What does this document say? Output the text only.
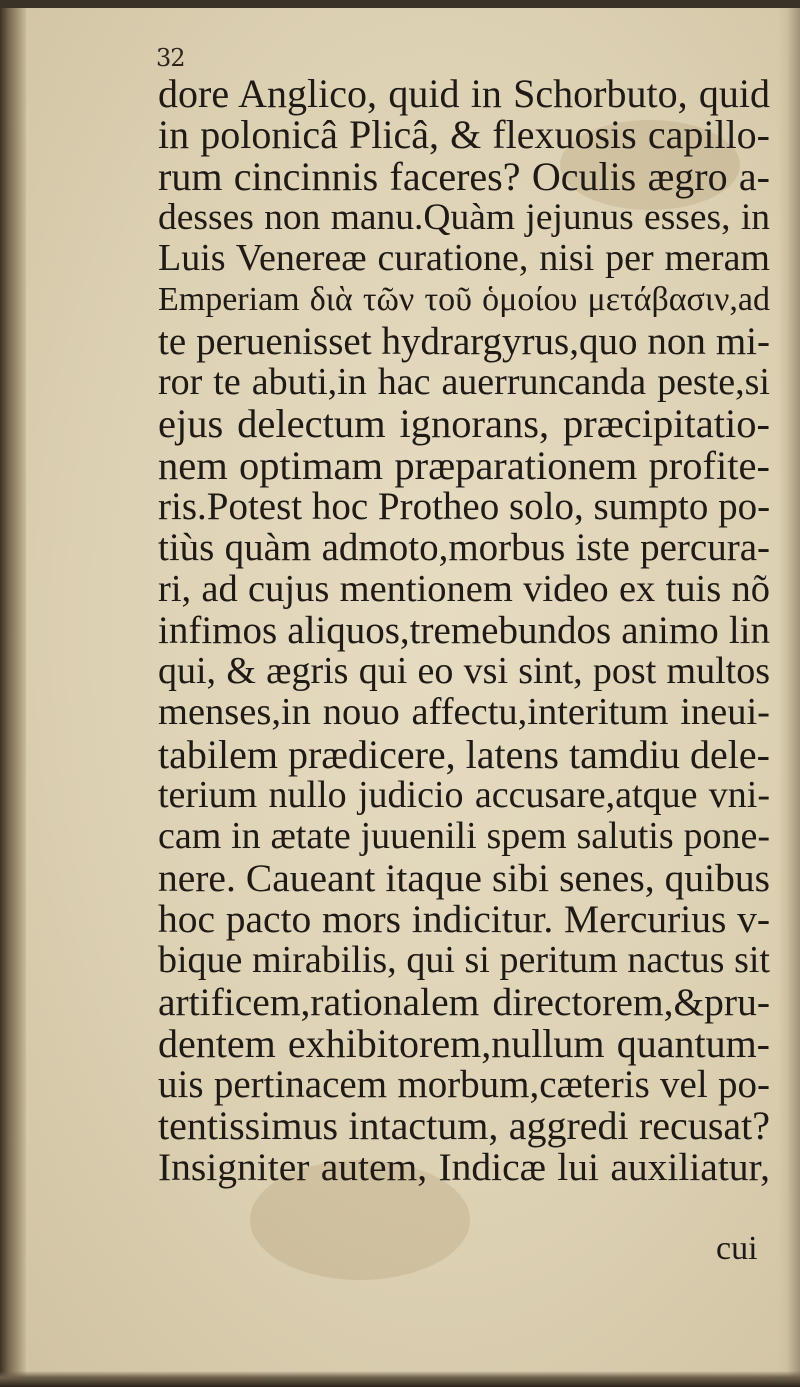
32
dore Anglico, quid in Schorbuto, quid
in polonicâ Plicâ, & flexuosis capillo-
rum cincinnis faceres? Oculis ægro a-
desses non manu.Quàm jejunus esses, in
Luis Venereæ curatione, nisi per meram
Emperiam διὰ τῶν τοῦ ὁμοίου μετάβασιν,ad
te peruenisset hydrargyrus,quo non mi-
ror te abuti,in hac auerruncanda peste,si
ejus delectum ignorans, præcipitatio-
nem optimam præparationem profite-
ris.Potest hoc Protheo solo, sumpto po-
tiùs quàm admoto,morbus iste percura-
ri, ad cujus mentionem video ex tuis nõ
infimos aliquos,tremebundos animo lin
qui, & ægris qui eo vsi sint, post multos
menses,in nouo affectu,interitum ineui-
tabilem prædicere, latens tamdiu dele-
terium nullo judicio accusare,atque vni-
cam in ætate juuenili spem salutis pone-
nere. Caueant itaque sibi senes, quibus
hoc pacto mors indicitur. Mercurius v-
bique mirabilis, qui si peritum nactus sit
artificem,rationalem directorem,&pru-
dentem exhibitorem,nullum quantum-
uis pertinacem morbum,cæteris vel po-
tentissimus intactum, aggredi recusat?
Insigniter autem, Indicæ lui auxiliatur,
cui
